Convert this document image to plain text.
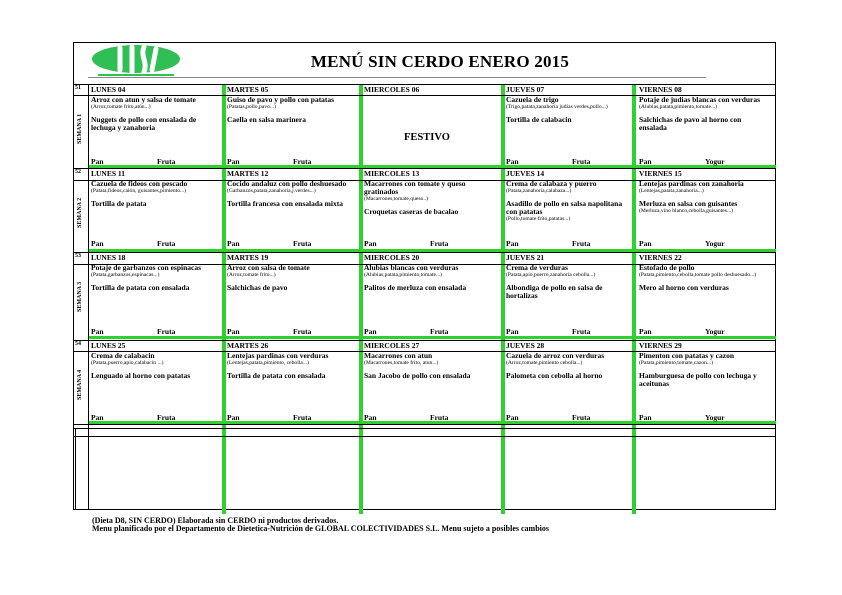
MENÚ SIN CERDO ENERO 2015
51
SEMANA 1
LUNES 04
Arroz con atun y salsa de tomate
(Arroz,tomate frito,atún...)
Nuggets de pollo con ensalada de lechuga y zanahoria
Pan	Fruta
MARTES 05
Guiso de pavo y pollo con patatas
(Patatas,pollo,pavo...)
Caella en salsa marinera
Pan	Fruta
MIERCOLES 06
FESTIVO
JUEVES 07
Cazuela de trigo
(Trigo,patata,zanahoria judias verdes,pollo...)
Tortilla de calabacin
Pan	Fruta
VIERNES 08
Potaje de judias blancas con verduras
(Alubias,patata,pimiento,tomate...)
Salchichas de pavo al horno con ensalada
Pan	Yogur
52
SEMANA 2
LUNES 11
Cazuela de fideos con pescado
(Patata,fideos,caión, guisantes,pimiento...)
Tortilla de patata
Pan	Fruta
MARTES 12
Cocido andaluz con pollo deshuesado
(Garbanzos,patata,zanahoria,j.verdes...)
Tortilla francesa con ensalada mixta
Pan	Fruta
MIERCOLES 13
Macarrones con tomate y queso gratinados
(Macarrones,tomate,queso..)
Croquetas caseras de bacalao
Pan	Fruta
JUEVES 14
Crema de calabaza y puerro
(Patata,zanahoria,calabaza...)
Asadillo de pollo en salsa napolitana con patatas
(Pollo,tomate frito,patatas...)
Pan	Fruta
VIERNES 15
Lentejas pardinas con zanahoria
(Lentejas,patata,zanahoria...)
Merluza en salsa con guisantes
(Merluza,vino blanco,cebolla,guisantes...)
Pan	Yogur
53
SEMANA 3
LUNES 18
Potaje de garbanzos con espinacas
(Patata,garbanzos,espinacas...)
Tortilla de patata con ensalada
Pan	Fruta
MARTES 19
Arroz con salsa de tomate
(Arroz,tomate frito...)
Salchichas de pavo
Pan	Fruta
MIERCOLES 20
Alubias blancas con verduras
(Alubias,patata,pimiento,tomate...)
Palitos de merluza con ensalada
Pan	Fruta
JUEVES 21
Crema de verduras
(Patata,apio,puerro,zanahoria cebolla...)
Albondiga de pollo en salsa de hortalizas
Pan	Fruta
VIERNES 22
Estofado de pollo
(Patata,pimiento,cebolla,tomate pollo deshuesado...)
Mero al horno con verduras
Pan	Yogur
54
SEMANA 4
LUNES 25
Crema de calabacin
(Patata,puerro,apio,calabacin ...)
Lenguado al horno con patatas
Pan	Fruta
MARTES 26
Lentejas pardinas con verduras
(Lentejas,patata,pimiento, cebolla...)
Tortilla de patata con ensalada
Pan	Fruta
MIERCOLES 27
Macarrones con atun
(Macarrones,tomate frito, atun...)
San Jacobo de pollo con ensalada
Pan	Fruta
JUEVES 28
Cazuela de arroz con verduras
(Arroz,tomate,pimiento cebolla...)
Palometa con cebolla al horno
Pan	Fruta
VIERNES 29
Pimenton con patatas y cazon
(Patata,pimiento,tomate,cazon...)
Hamburguesa de pollo con lechuga y aceitunas
Pan	Yogur
(Dieta D8, SIN CERDO) Elaborada sin CERDO ni productos derivados.
Menu planificado por el Departamento de Dietetica-Nutrición de GLOBAL COLECTIVIDADES S.L. Menu sujeto a posibles cambios
